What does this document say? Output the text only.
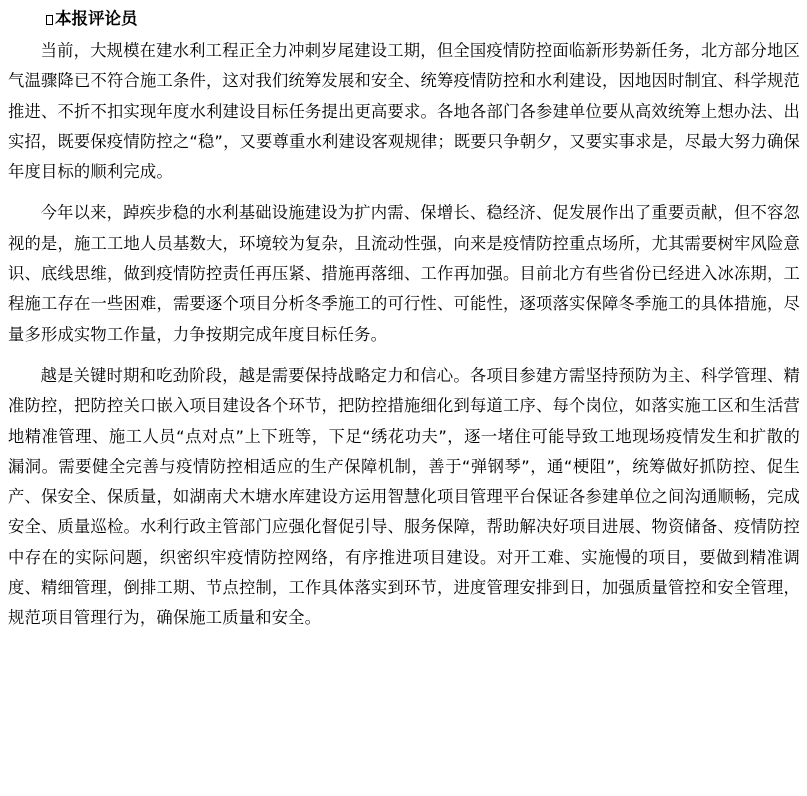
本报评论员

当前，大规模在建水利工程正全力冲刺岁尾建设工期，但全国疫情防控面临新形势新任务，北方部分地区气温骤降已不符合施工条件，这对我们统筹发展和安全、统筹疫情防控和水利建设，因地因时制宜、科学规范推进、不折不扣实现年度水利建设目标任务提出更高要求。各地各部门各参建单位要从高效统筹上想办法、出实招，既要保疫情防控之“稳”，又要尊重水利建设客观规律；既要只争朝夕，又要实事求是，尽最大努力确保年度目标的顺利完成。

今年以来，踔疾步稳的水利基础设施建设为扩内需、保增长、稳经济、促发展作出了重要贡献，但不容忽视的是，施工工地人员基数大，环境较为复杂，且流动性强，向来是疫情防控重点场所，尤其需要树牢风险意识、底线思维，做到疫情防控责任再压紧、措施再落细、工作再加强。目前北方有些省份已经进入冰冻期，工程施工存在一些困难，需要逐个项目分析冬季施工的可行性、可能性，逐项落实保障冬季施工的具体措施，尽量多形成实物工作量，力争按期完成年度目标任务。

越是关键时期和吃劲阶段，越是需要保持战略定力和信心。各项目参建方需坚持预防为主、科学管理、精准防控，把防控关口嵌入项目建设各个环节，把防控措施细化到每道工序、每个岗位，如落实施工区和生活营地精准管理、施工人员“点对点”上下班等，下足“绣花功夫”，逐一堵住可能导致工地现场疫情发生和扩散的漏洞。需要健全完善与疫情防控相适应的生产保障机制，善于“弹钢琴”，通“梗阻”，统筹做好抓防控、促生产、保安全、保质量，如湖南犬木塘水库建设方运用智慧化项目管理平台保证各参建单位之间沟通顺畅，完成安全、质量巡检。水利行政主管部门应强化督促引导、服务保障，帮助解决好项目进展、物资储备、疫情防控中存在的实际问题，织密织牢疫情防控网络，有序推进项目建设。对开工难、实施慢的项目，要做到精准调度、精细管理，倒排工期、节点控制，工作具体落实到环节，进度管理安排到日，加强质量管控和安全管理，规范项目管理行为，确保施工质量和安全。
